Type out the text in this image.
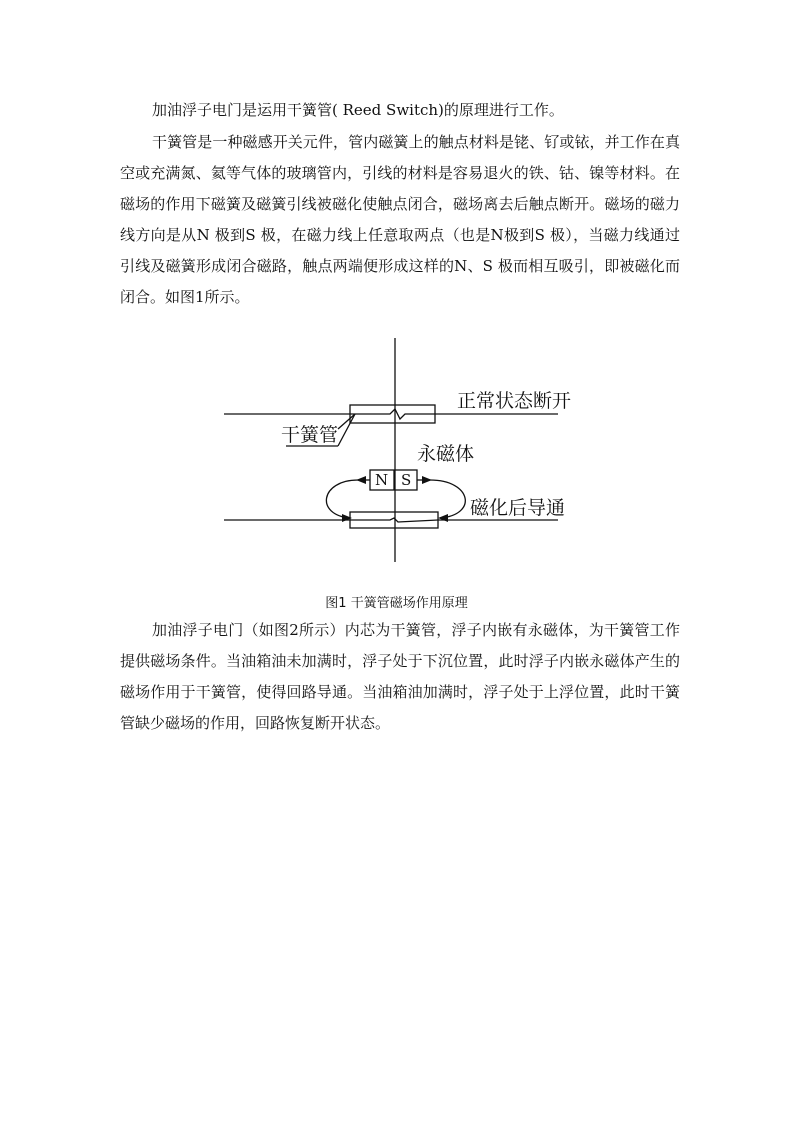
加油浮子电门是运用干簧管( Reed Switch)的原理进行工作。

干簧管是一种磁感开关元件，管内磁簧上的触点材料是铑、钌或铱，并工作在真空或充满氮、氦等气体的玻璃管内，引线的材料是容易退火的铁、钴、镍等材料。在磁场的作用下磁簧及磁簧引线被磁化使触点闭合，磁场离去后触点断开。磁场的磁力线方向是从N 极到S 极，在磁力线上任意取两点（也是N极到S 极），当磁力线通过引线及磁簧形成闭合磁路，触点两端便形成这样的N、S 极而相互吸引，即被磁化而闭合。如图1所示。

正常状态断开
干簧管
永磁体
磁化后导通
N S
图1 干簧管磁场作用原理

加油浮子电门（如图2所示）内芯为干簧管，浮子内嵌有永磁体，为干簧管工作提供磁场条件。当油箱油未加满时，浮子处于下沉位置，此时浮子内嵌永磁体产生的磁场作用于干簧管，使得回路导通。当油箱油加满时，浮子处于上浮位置，此时干簧管缺少磁场的作用，回路恢复断开状态。
